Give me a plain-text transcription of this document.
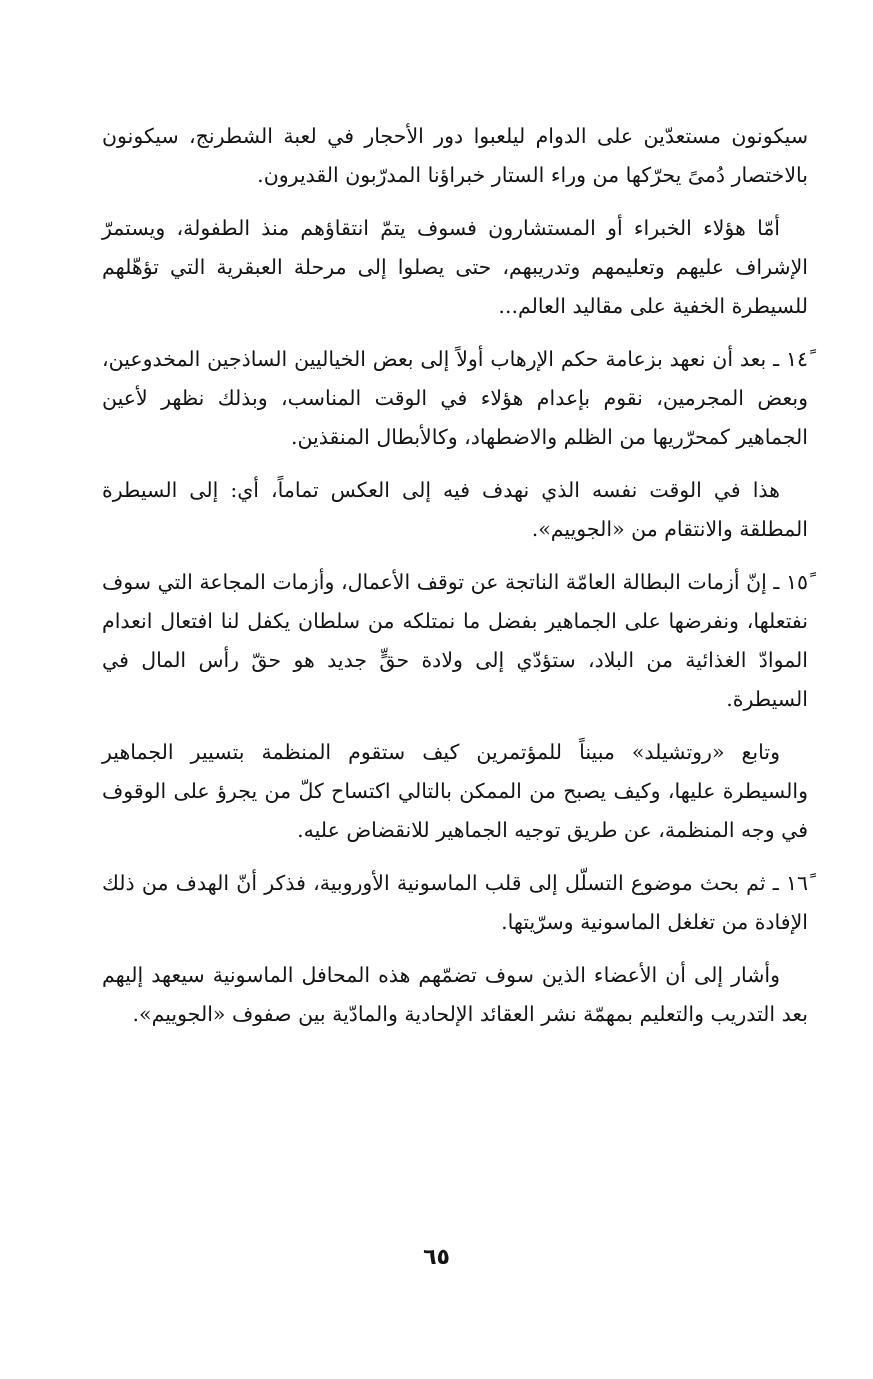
سيكونون مستعدّين على الدوام ليلعبوا دور الأحجار في لعبة الشطرنج، سيكونون بالاختصار دُمىً يحرّكها من وراء الستار خبراؤنا المدرّبون القديرون.

أمّا هؤلاء الخبراء أو المستشارون فسوف يتمّ انتقاؤهم منذ الطفولة، ويستمرّ الإشراف عليهم وتعليمهم وتدريبهم، حتى يصلوا إلى مرحلة العبقرية التي تؤهّلهم للسيطرة الخفية على مقاليد العالم...

١٤ً ـ بعد أن نعهد بزعامة حكم الإرهاب أولاً إلى بعض الخياليين الساذجين المخدوعين، وبعض المجرمين، نقوم بإعدام هؤلاء في الوقت المناسب، وبذلك نظهر لأعين الجماهير كمحرّريها من الظلم والاضطهاد، وكالأبطال المنقذين.

هذا في الوقت نفسه الذي نهدف فيه إلى العكس تماماً، أي: إلى السيطرة المطلقة والانتقام من «الجوييم».

١٥ً ـ إنّ أزمات البطالة العامّة الناتجة عن توقف الأعمال، وأزمات المجاعة التي سوف نفتعلها، ونفرضها على الجماهير بفضل ما نمتلكه من سلطان يكفل لنا افتعال انعدام الموادّ الغذائية من البلاد، ستؤدّي إلى ولادة حقٍّ جديد هو حقّ رأس المال في السيطرة.

وتابع «روتشيلد» مبيناً للمؤتمرين كيف ستقوم المنظمة بتسيير الجماهير والسيطرة عليها، وكيف يصبح من الممكن بالتالي اكتساح كلّ من يجرؤ على الوقوف في وجه المنظمة، عن طريق توجيه الجماهير للانقضاض عليه.

١٦ً ـ ثم بحث موضوع التسلّل إلى قلب الماسونية الأوروبية، فذكر أنّ الهدف من ذلك الإفادة من تغلغل الماسونية وسرّيتها.

وأشار إلى أن الأعضاء الذين سوف تضمّهم هذه المحافل الماسونية سيعهد إليهم بعد التدريب والتعليم بمهمّة نشر العقائد الإلحادية والمادّية بين صفوف «الجوييم».

٦٥
